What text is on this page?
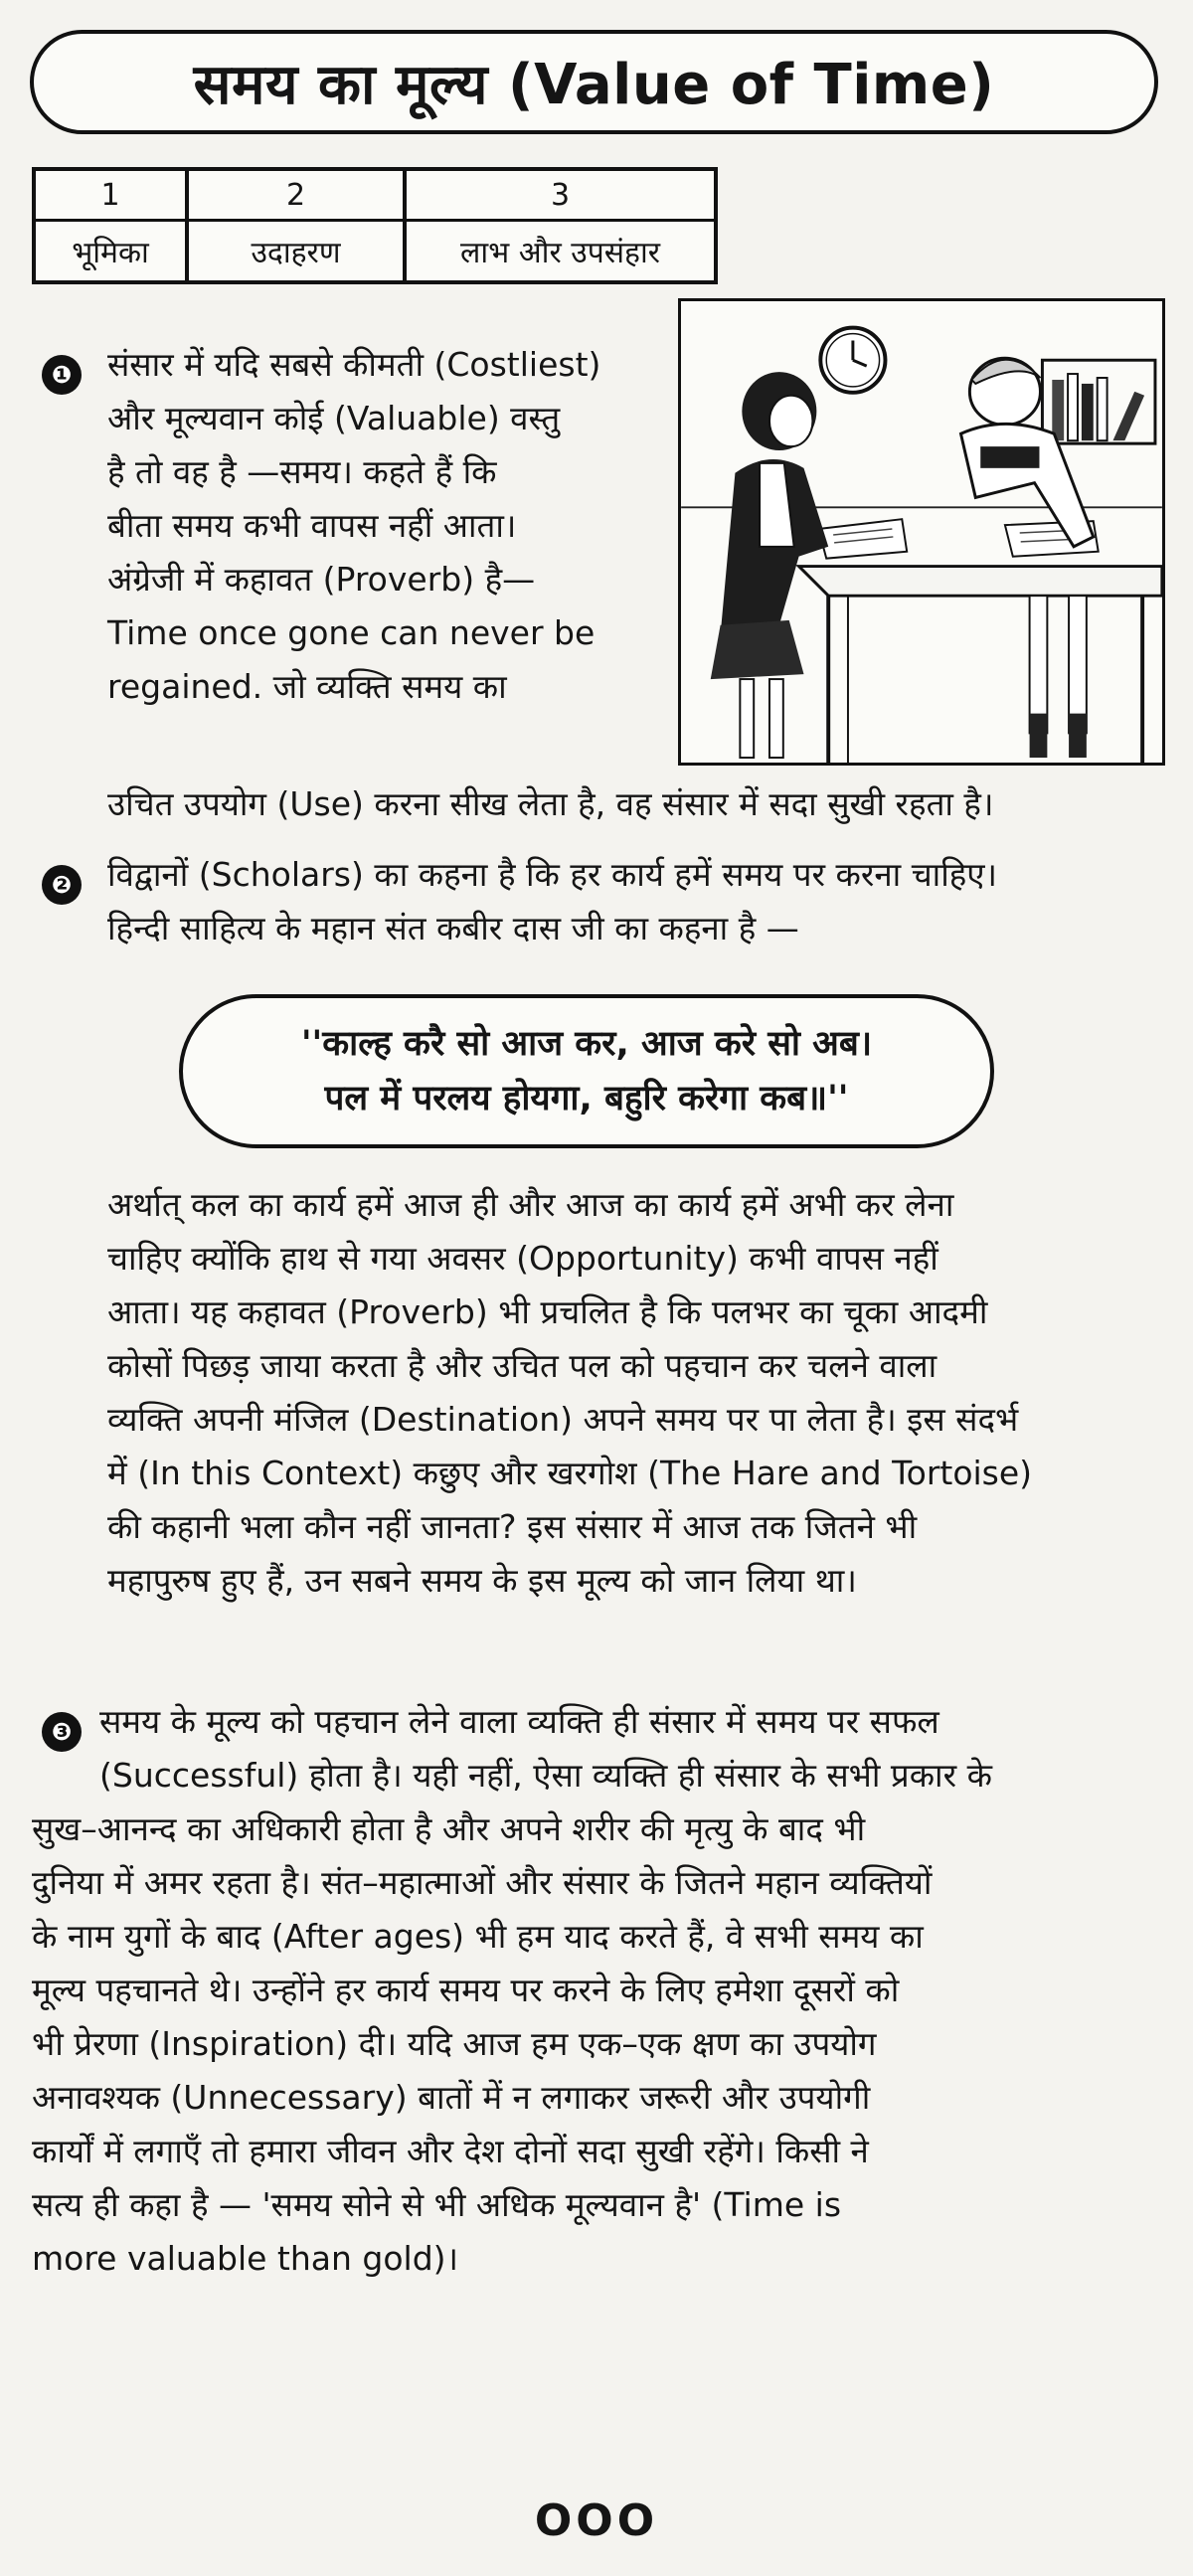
समय का मूल्य (Value of Time)
1
भूमिका
2
उदाहरण
3
लाभ और उपसंहार
❶ संसार में यदि सबसे कीमती (Costliest)
और मूल्यवान कोई (Valuable) वस्तु
है तो वह है —समय। कहते हैं कि
बीता समय कभी वापस नहीं आता।
अंग्रेजी में कहावत (Proverb) है—
Time once gone can never be
regained. जो व्यक्ति समय का
उचित उपयोग (Use) करना सीख लेता है, वह संसार में सदा सुखी रहता है।
❷ विद्वानों (Scholars) का कहना है कि हर कार्य हमें समय पर करना चाहिए।
हिन्दी साहित्य के महान संत कबीर दास जी का कहना है —
''काल्ह करै सो आज कर, आज करे सो अब।
पल में परलय होयगा, बहुरि करेगा कब॥''
अर्थात् कल का कार्य हमें आज ही और आज का कार्य हमें अभी कर लेना
चाहिए क्योंकि हाथ से गया अवसर (Opportunity) कभी वापस नहीं
आता। यह कहावत (Proverb) भी प्रचलित है कि पलभर का चूका आदमी
कोसों पिछड़ जाया करता है और उचित पल को पहचान कर चलने वाला
व्यक्ति अपनी मंजिल (Destination) अपने समय पर पा लेता है। इस संदर्भ
में (In this Context) कछुए और खरगोश (The Hare and Tortoise)
की कहानी भला कौन नहीं जानता? इस संसार में आज तक जितने भी
महापुरुष हुए हैं, उन सबने समय के इस मूल्य को जान लिया था।
❸ समय के मूल्य को पहचान लेने वाला व्यक्ति ही संसार में समय पर सफल
(Successful) होता है। यही नहीं, ऐसा व्यक्ति ही संसार के सभी प्रकार के
सुख–आनन्द का अधिकारी होता है और अपने शरीर की मृत्यु के बाद भी
दुनिया में अमर रहता है। संत–महात्माओं और संसार के जितने महान व्यक्तियों
के नाम युगों के बाद (After ages) भी हम याद करते हैं, वे सभी समय का
मूल्य पहचानते थे। उन्होंने हर कार्य समय पर करने के लिए हमेशा दूसरों को
भी प्रेरणा (Inspiration) दी। यदि आज हम एक–एक क्षण का उपयोग
अनावश्यक (Unnecessary) बातों में न लगाकर जरूरी और उपयोगी
कार्यों में लगाएँ तो हमारा जीवन और देश दोनों सदा सुखी रहेंगे। किसी ने
सत्य ही कहा है — 'समय सोने से भी अधिक मूल्यवान है' (Time is
more valuable than gold)।
OOO
